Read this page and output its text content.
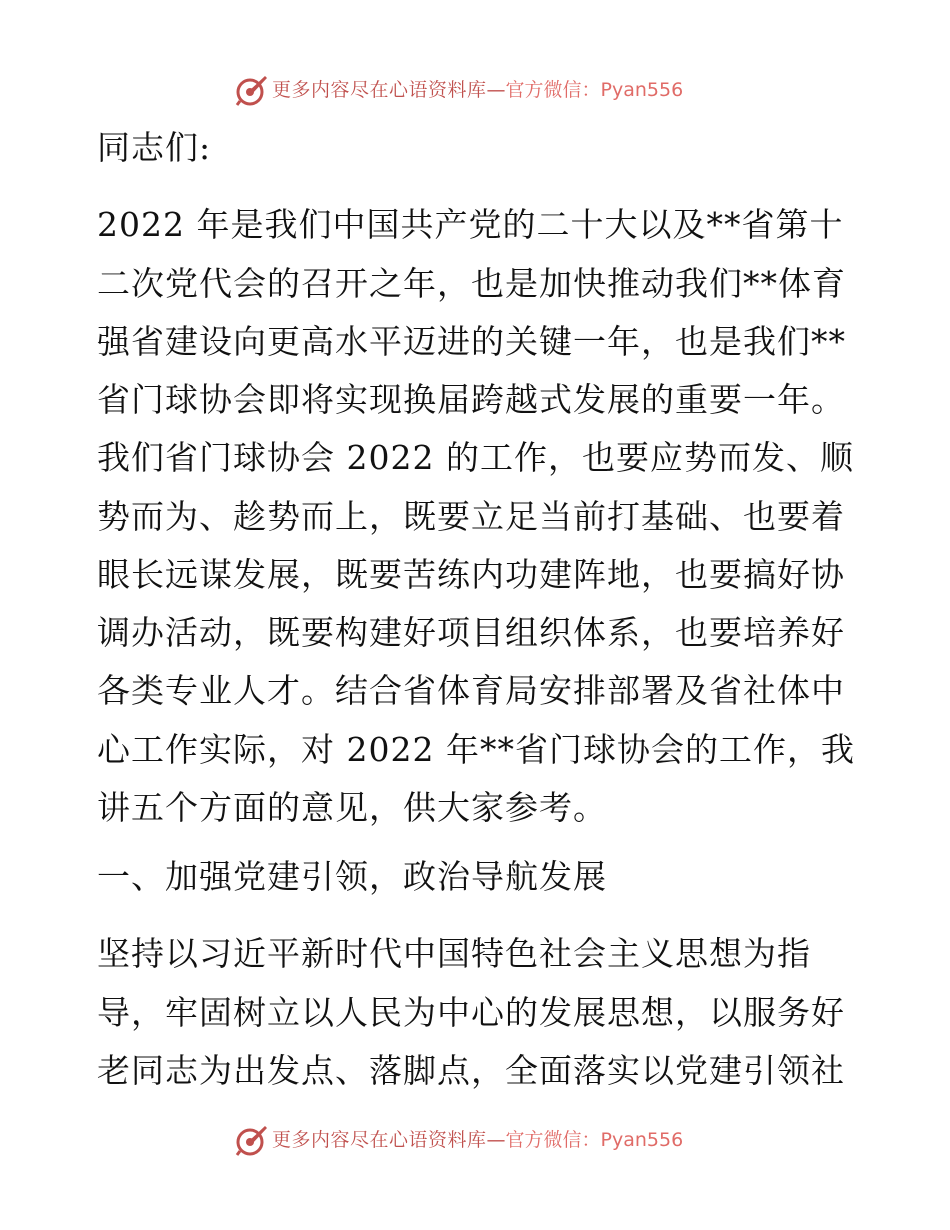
更多内容尽在心语资料库—官方微信：Pyan556
同志们:
2022 年是我们中国共产党的二十大以及**省第十
二次党代会的召开之年，也是加快推动我们**体育
强省建设向更高水平迈进的关键一年，也是我们**
省门球协会即将实现换届跨越式发展的重要一年。
我们省门球协会 2022 的工作，也要应势而发、顺
势而为、趁势而上，既要立足当前打基础、也要着
眼长远谋发展，既要苦练内功建阵地，也要搞好协
调办活动，既要构建好项目组织体系，也要培养好
各类专业人才。结合省体育局安排部署及省社体中
心工作实际，对 2022 年**省门球协会的工作，我
讲五个方面的意见，供大家参考。
一、加强党建引领，政治导航发展
坚持以习近平新时代中国特色社会主义思想为指
导，牢固树立以人民为中心的发展思想，以服务好
老同志为出发点、落脚点，全面落实以党建引领社
更多内容尽在心语资料库—官方微信：Pyan556
